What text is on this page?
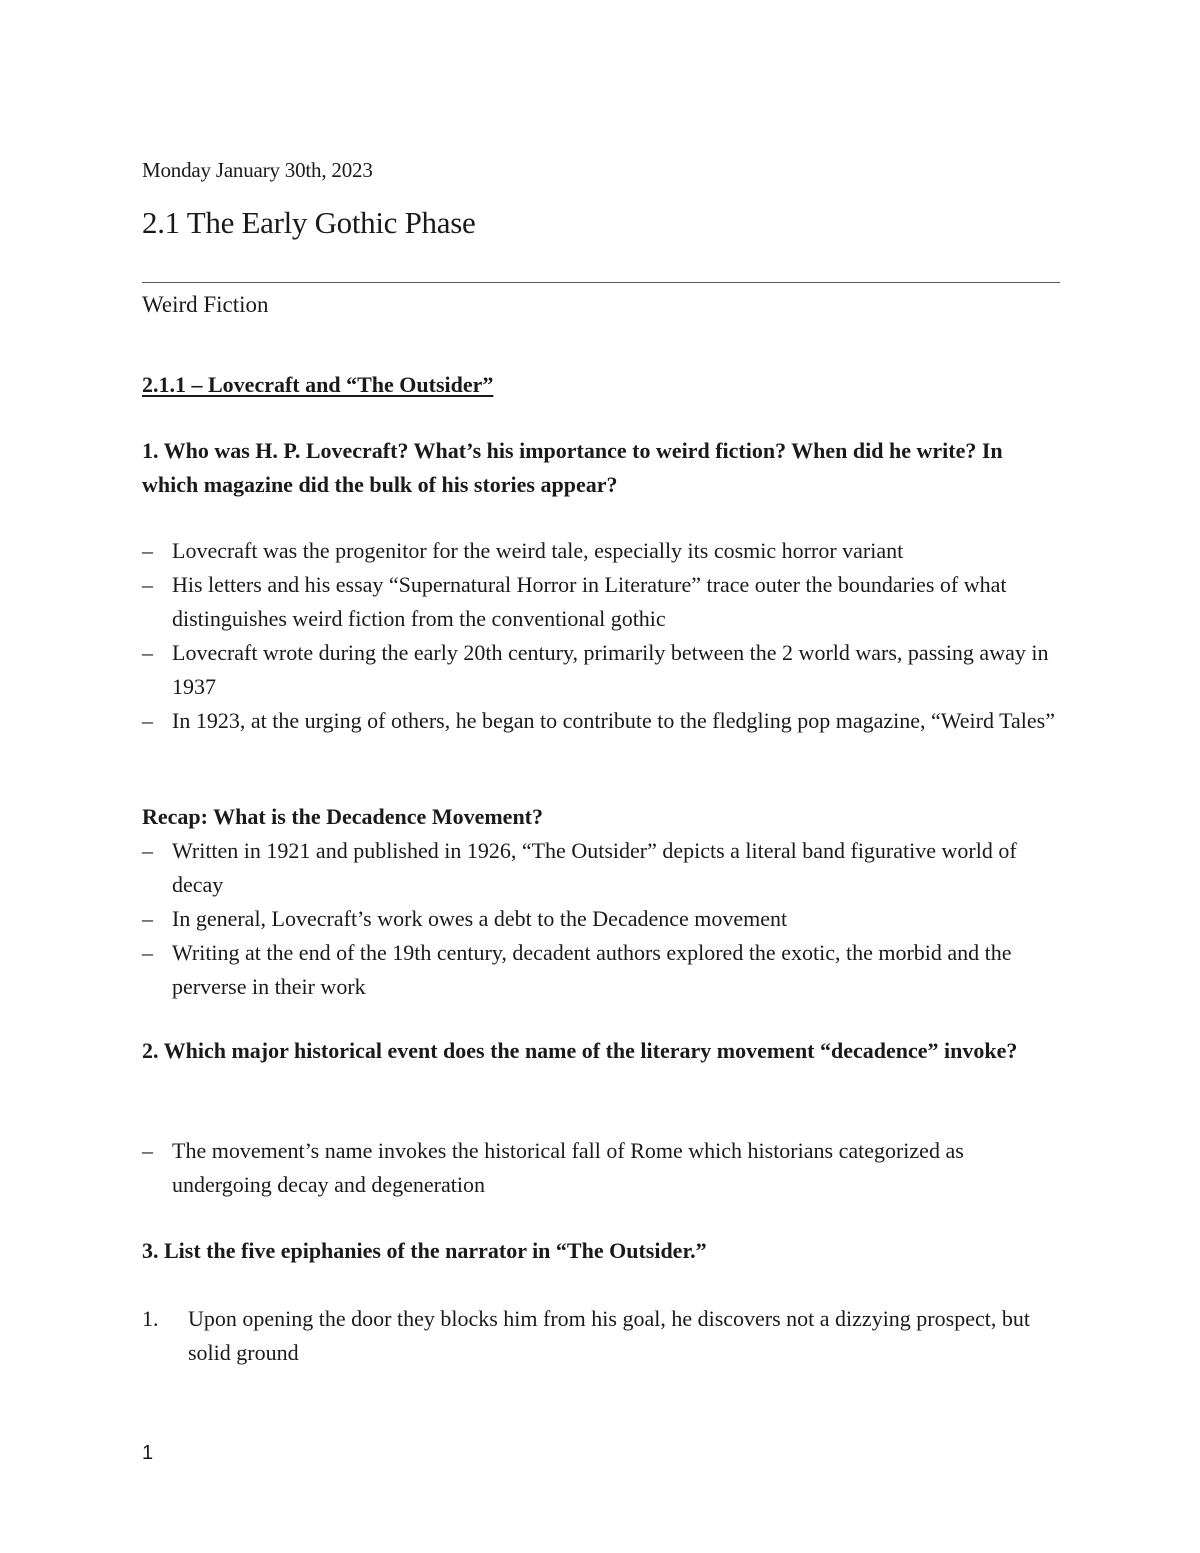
Monday January 30th, 2023
2.1 The Early Gothic Phase
Weird Fiction
2.1.1 – Lovecraft and “The Outsider”
1. Who was H. P. Lovecraft? What’s his importance to weird fiction? When did he write? In which magazine did the bulk of his stories appear?
– Lovecraft was the progenitor for the weird tale, especially its cosmic horror variant
– His letters and his essay “Supernatural Horror in Literature” trace outer the boundaries of what distinguishes weird fiction from the conventional gothic
– Lovecraft wrote during the early 20th century, primarily between the 2 world wars, passing away in 1937
– In 1923, at the urging of others, he began to contribute to the fledgling pop magazine, “Weird Tales”
Recap: What is the Decadence Movement?
– Written in 1921 and published in 1926, “The Outsider” depicts a literal band figurative world of decay
– In general, Lovecraft’s work owes a debt to the Decadence movement
– Writing at the end of the 19th century, decadent authors explored the exotic, the morbid and the perverse in their work
2. Which major historical event does the name of the literary movement “decadence” invoke?
– The movement’s name invokes the historical fall of Rome which historians categorized as undergoing decay and degeneration
3. List the five epiphanies of the narrator in “The Outsider.”
1. Upon opening the door they blocks him from his goal, he discovers not a dizzying prospect, but solid ground
1
